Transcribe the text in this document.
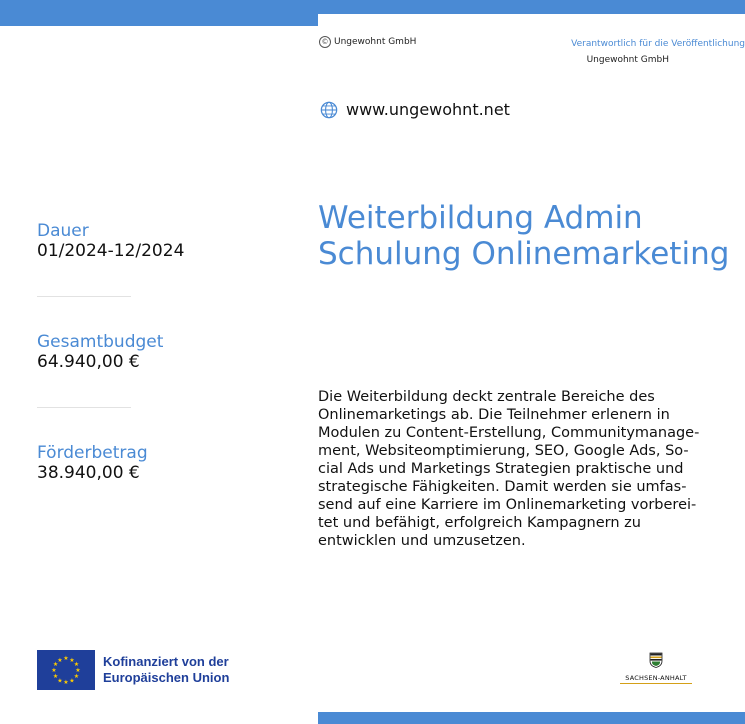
© Ungewohnt GmbH	Verantwortlich für die Veröffentlichung
Ungewohnt GmbH
www.ungewohnt.net
Dauer
01/2024-12/2024
Gesamtbudget
64.940,00 €
Förderbetrag
38.940,00 €
Weiterbildung Admin
Schulung Onlinemarketing
Die Weiterbildung deckt zentrale Bereiche des Onlinemarketings ab. Die Teilnehmer erlenern in Modulen zu Content-Erstellung, Communitymanage-ment, Websiteomptimierung, SEO, Google Ads, So-cial Ads und Marketings Strategien praktische und strategische Fähigkeiten. Damit werden sie umfas-send auf eine Karriere im Onlinemarketing vorberei-tet und befähigt, erfolgreich Kampagnern zu entwicklen und umzusetzen.
★ ★
★
★
★
★
★
★
★
★
★
★	Kofinanziert von der
Europäischen Union	SACHSEN-ANHALT
